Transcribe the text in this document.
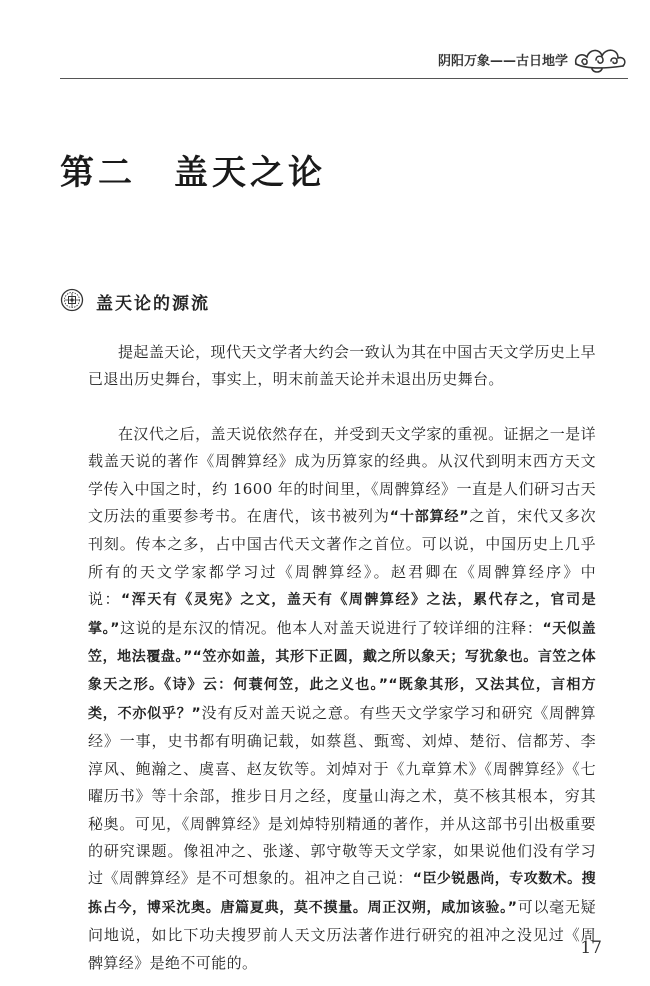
阴阳万象——古日地学
第二 盖天之论
盖天论的源流

提起盖天论，现代天文学者大约会一致认为其在中国古天文学历史上早已退出历史舞台，事实上，明末前盖天论并未退出历史舞台。

在汉代之后，盖天说依然存在，并受到天文学家的重视。证据之一是详载盖天说的著作《周髀算经》成为历算家的经典。从汉代到明末西方天文学传入中国之时，约 1600 年的时间里，《周髀算经》一直是人们研习古天文历法的重要参考书。在唐代，该书被列为“十部算经”之首，宋代又多次刊刻。传本之多，占中国古代天文著作之首位。可以说，中国历史上几乎所有的天文学家都学习过《周髀算经》。赵君卿在《周髀算经序》中说：“浑天有《灵宪》之文，盖天有《周髀算经》之法，累代存之，官司是掌。”这说的是东汉的情况。他本人对盖天说进行了较详细的注释：“天似盖笠，地法覆盘。”“笠亦如盖，其形下正圆，戴之所以象天；写犹象也。言笠之体象天之形。《诗》云：何蓑何笠，此之义也。”“既象其形，又法其位，言相方类，不亦似乎？”没有反对盖天说之意。有些天文学家学习和研究《周髀算经》一事，史书都有明确记载，如蔡邕、甄鸾、刘焯、楚衍、信都芳、李淳风、鲍瀚之、虞喜、赵友钦等。刘焯对于《九章算术》《周髀算经》《七曜历书》等十余部，推步日月之经，度量山海之术，莫不核其根本，穷其秘奥。可见，《周髀算经》是刘焯特别精通的著作，并从这部书引出极重要的研究课题。像祖冲之、张遂、郭守敬等天文学家，如果说他们没有学习过《周髀算经》是不可想象的。祖冲之自己说：“臣少锐愚尚，专攻数术。搜拣占今，博采沈奥。唐篇夏典，莫不摸量。周正汉朔，咸加该验。”可以毫无疑问地说，如比下功夫搜罗前人天文历法著作进行研究的祖冲之没见过《周髀算经》是绝不可能的。

17
